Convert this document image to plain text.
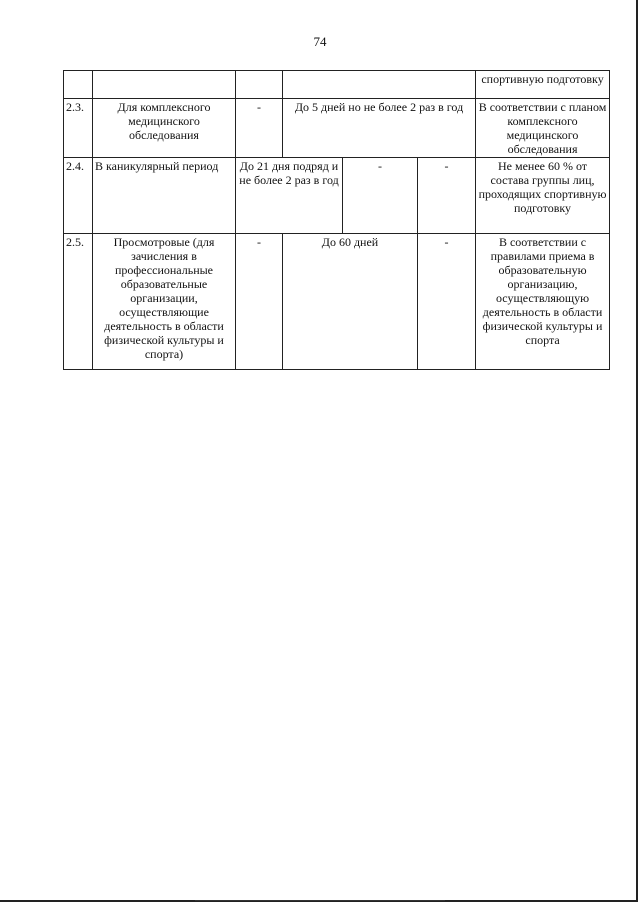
74
						спортивную подготовку
2.3.	Для комплексного медицинского обследования	-	До 5 дней но не более 2 раз в год			В соответствии с планом комплексного медицинского обследования
2.4.	В каникулярный период	До 21 дня подряд и не более 2 раз в год		-	-	Не менее 60 % от состава группы лиц, проходящих спортивную подготовку
2.5.	Просмотровые (для зачисления в профессиональные образовательные организации, осуществляющие деятельность в области физической культуры и спорта)	-	До 60 дней		-	В соответствии с правилами приема в образовательную организацию, осуществляющую деятельность в области физической культуры и спорта
